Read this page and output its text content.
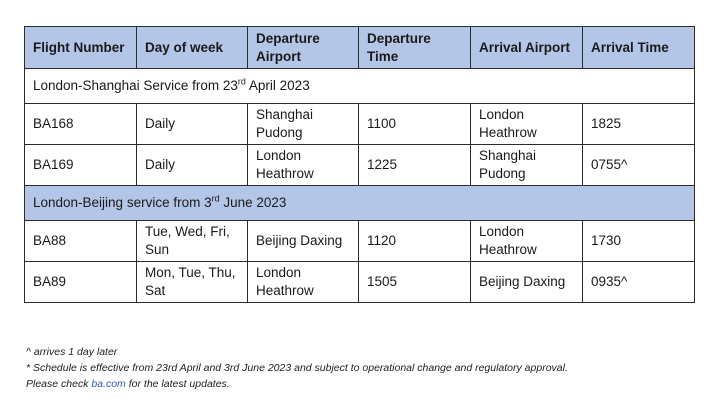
Flight Number	Day of week	Departure Airport	Departure Time	Arrival Airport	Arrival Time
London-Shanghai Service from 23rd April 2023					
BA168	Daily	Shanghai Pudong	1100	London Heathrow	1825
BA169	Daily	London Heathrow	1225	Shanghai Pudong	0755^
London-Beijing service from 3rd June 2023					
BA88	Tue, Wed, Fri, Sun	Beijing Daxing	1120	London Heathrow	1730
BA89	Mon, Tue, Thu, Sat	London Heathrow	1505	Beijing Daxing	0935^
^ arrives 1 day later
* Schedule is effective from 23rd April and 3rd June 2023 and subject to operational change and regulatory approval.
Please check ba.com for the latest updates.
